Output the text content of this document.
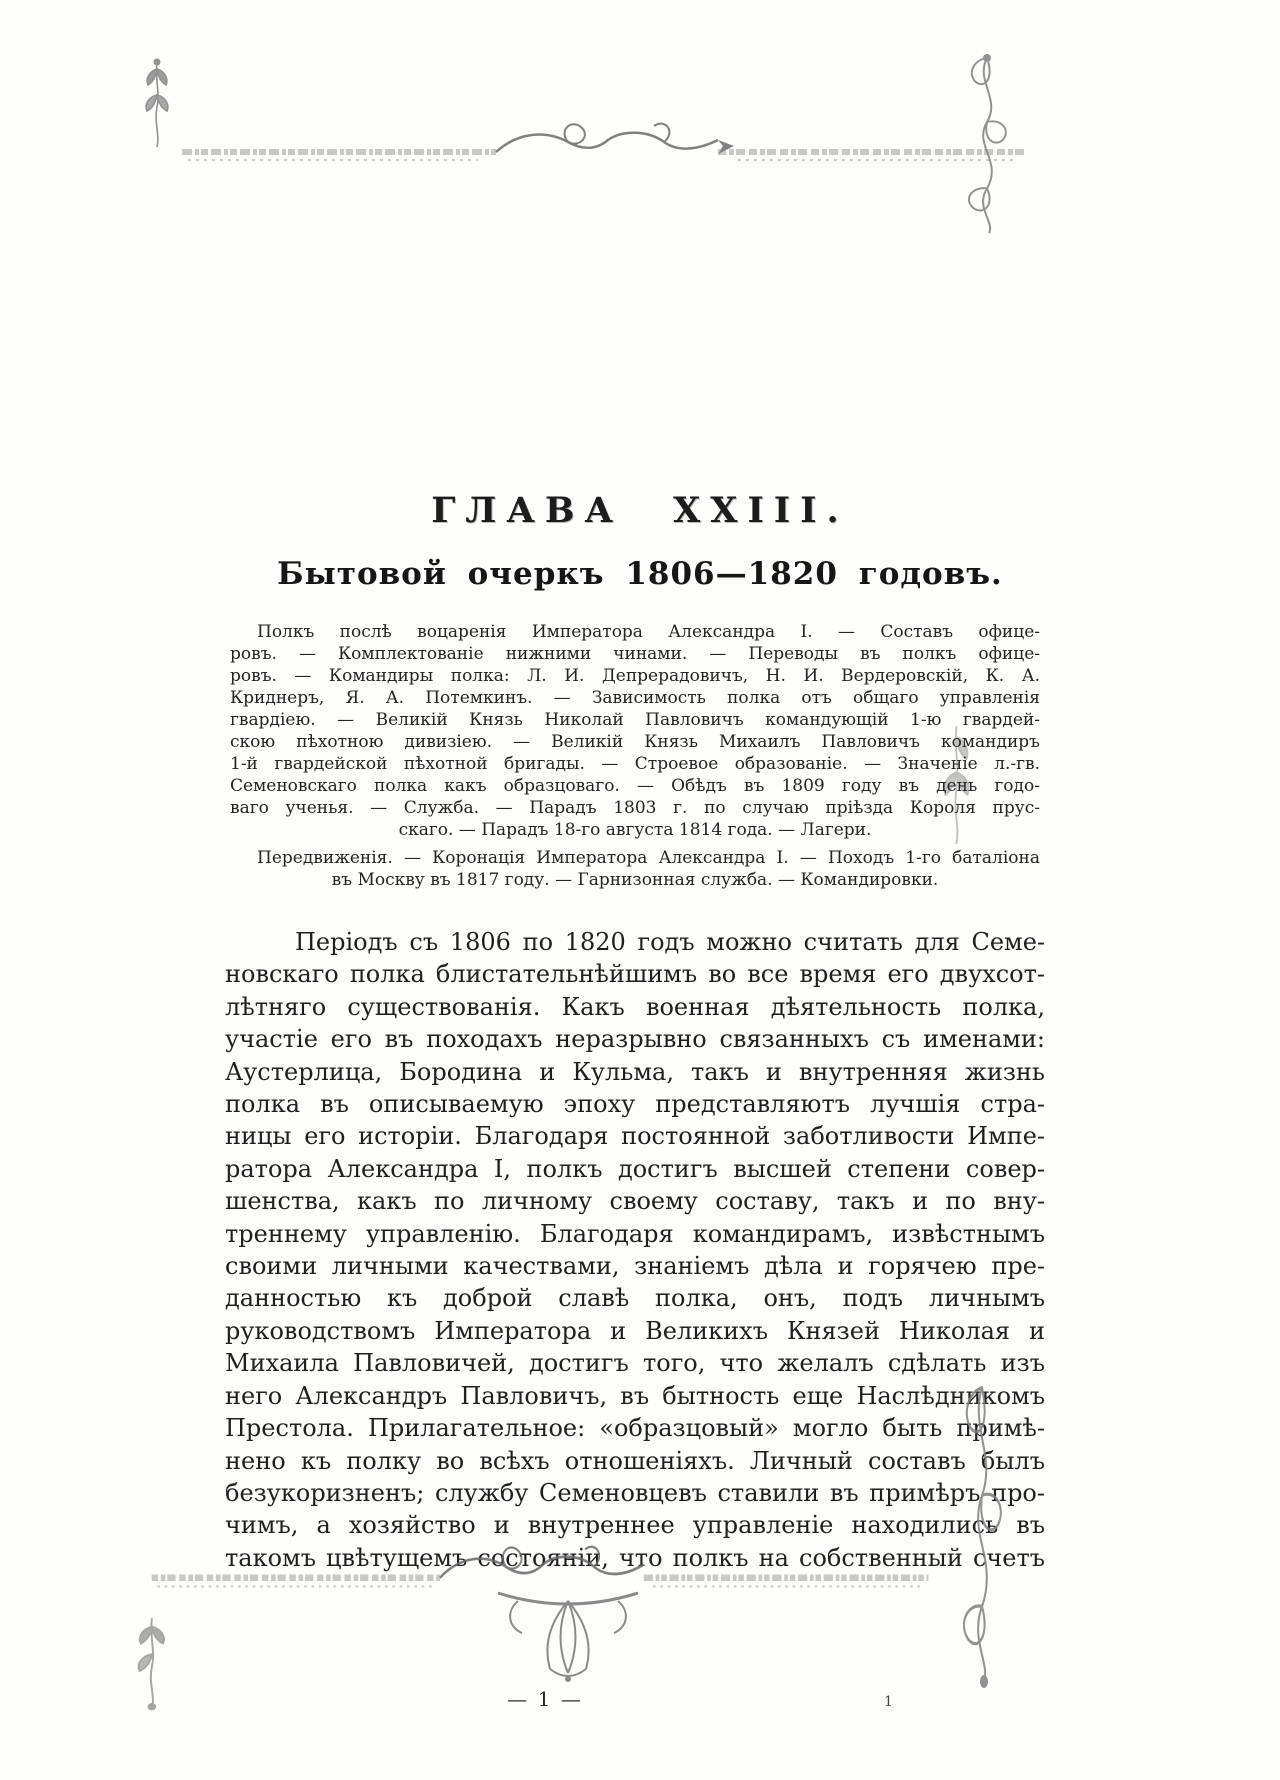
ГЛАВА XXIII.
Бытовой очеркъ 1806—1820 годовъ.
Полкъ послѣ воцаренія Императора Александра I. — Составъ офице-
ровъ. — Комплектованіе нижними чинами. — Переводы въ полкъ офице-
ровъ. — Командиры полка: Л. И. Депрерадовичъ, Н. И. Вердеровскій, К. А.
Криднеръ, Я. А. Потемкинъ. — Зависимость полка отъ общаго управленія
гвардіею. — Великій Князь Николай Павловичъ командующій 1-ю гвардей-
скою пѣхотною дивизіею. — Великій Князь Михаилъ Павловичъ командиръ
1-й гвардейской пѣхотной бригады. — Строевое образованіе. — Значеніе л.-гв.
Семеновскаго полка какъ образцоваго. — Обѣдъ въ 1809 году въ день годо-
ваго ученья. — Служба. — Парадъ 1803 г. по случаю пріѣзда Короля прус-
скаго. — Парадъ 18-го августа 1814 года. — Лагери.
Передвиженія. — Коронація Императора Александра I. — Походъ 1-го баталіона
въ Москву въ 1817 году. — Гарнизонная служба. — Командировки.
Періодъ съ 1806 по 1820 годъ можно считать для Семе-
новскаго полка блистательнѣйшимъ во все время его двухсот-
лѣтняго существованія. Какъ военная дѣятельность полка,
участіе его въ походахъ неразрывно связанныхъ съ именами:
Аустерлица, Бородина и Кульма, такъ и внутренняя жизнь
полка въ описываемую эпоху представляютъ лучшія стра-
ницы его исторіи. Благодаря постоянной заботливости Импе-
ратора Александра I, полкъ достигъ высшей степени совер-
шенства, какъ по личному своему составу, такъ и по вну-
треннему управленію. Благодаря командирамъ, извѣстнымъ
своими личными качествами, знаніемъ дѣла и горячею пре-
данностью къ доброй славѣ полка, онъ, подъ личнымъ
руководствомъ Императора и Великихъ Князей Николая и
Михаила Павловичей, достигъ того, что желалъ сдѣлать изъ
него Александръ Павловичъ, въ бытность еще Наслѣдникомъ
Престола. Прилагательное: «образцовый» могло быть примѣ-
нено къ полку во всѣхъ отношеніяхъ. Личный составъ былъ
безукоризненъ; службу Семеновцевъ ставили въ примѣръ про-
чимъ, а хозяйство и внутреннее управленіе находились въ
такомъ цвѣтущемъ состояніи, что полкъ на собственный счетъ
— 1 —	1
